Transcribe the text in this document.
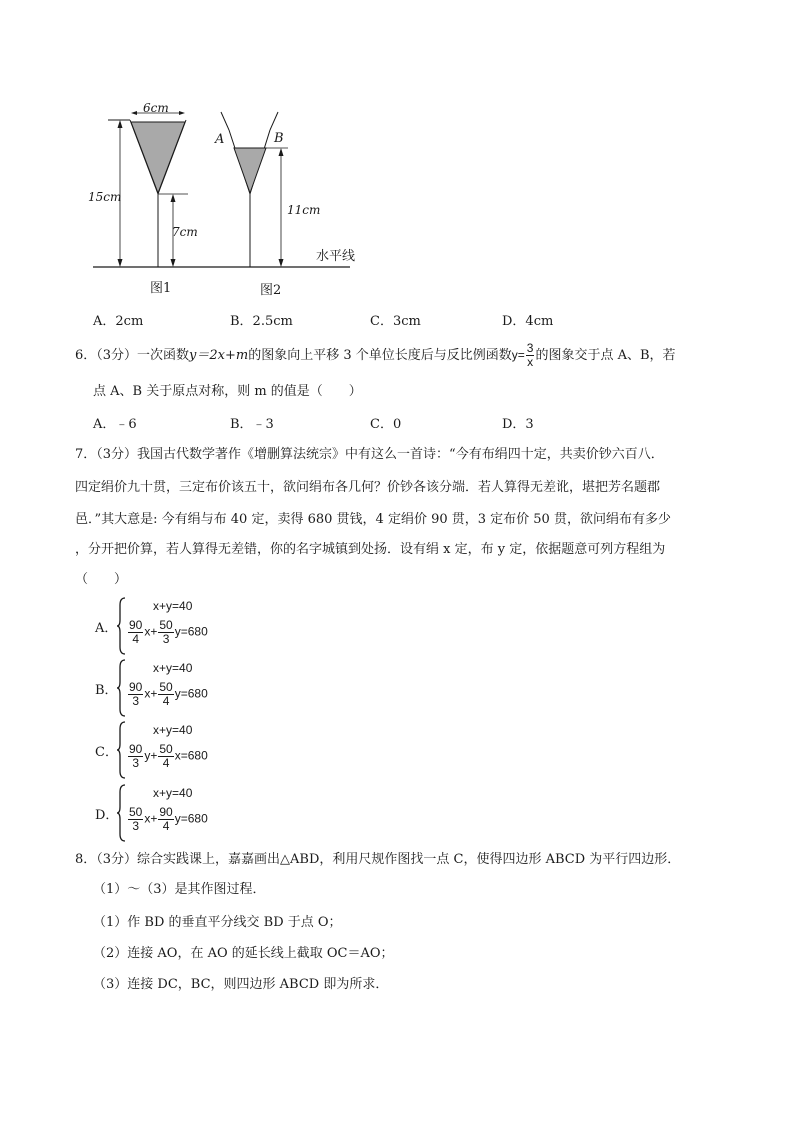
6cm
15cm
7cm
A	B
11cm
水平线
图1	图2
A．2cm	B．2.5cm	C．3cm	D．4cm
6．（3分）一次函数y＝2x+m的图象向上平移 3 个单位长度后与反比例函数$y= \frac{3}{x}$ 的图象交于点 A、B，若
点 A、B 关于原点对称，则 m 的值是（　　）
A．﹣6	B．﹣3	C．0	D．3
7．（3分）我国古代数学著作《增删算法统宗》中有这么一首诗：“今有布绢四十定，共卖价钞六百八．
四定绢价九十贯，三定布价该五十，欲问绢布各几何？价钞各该分端．若人算得无差讹，堪把芳名题郡
邑．”其大意是: 今有绢与布 40 定，卖得 680 贯钱，4 定绢价 90 贯，3 定布价 50 贯，欲问绢布有多少
，分开把价算，若人算得无差错，你的名字城镇到处扬．设有绢 x 定，布 y 定，依据题意可列方程组为
（　　）
A．
x+y=40
$\frac{90}{4} x+ \frac{50}{3} y=680$
B．
x+y=40
$\frac{90}{3} x+ \frac{50}{4} y=680$
C．
x+y=40
$\frac{90}{3} y+ \frac{50}{4} x=680$
D．
x+y=40
$\frac{50}{3} x+ \frac{90}{4} y=680$
8．（3分）综合实践课上，嘉嘉画出△ABD，利用尺规作图找一点 C，使得四边形 ABCD 为平行四边形．
（1）～（3）是其作图过程．
（1）作 BD 的垂直平分线交 BD 于点 O；
（2）连接 AO，在 AO 的延长线上截取 OC＝AO；
（3）连接 DC，BC，则四边形 ABCD 即为所求．
